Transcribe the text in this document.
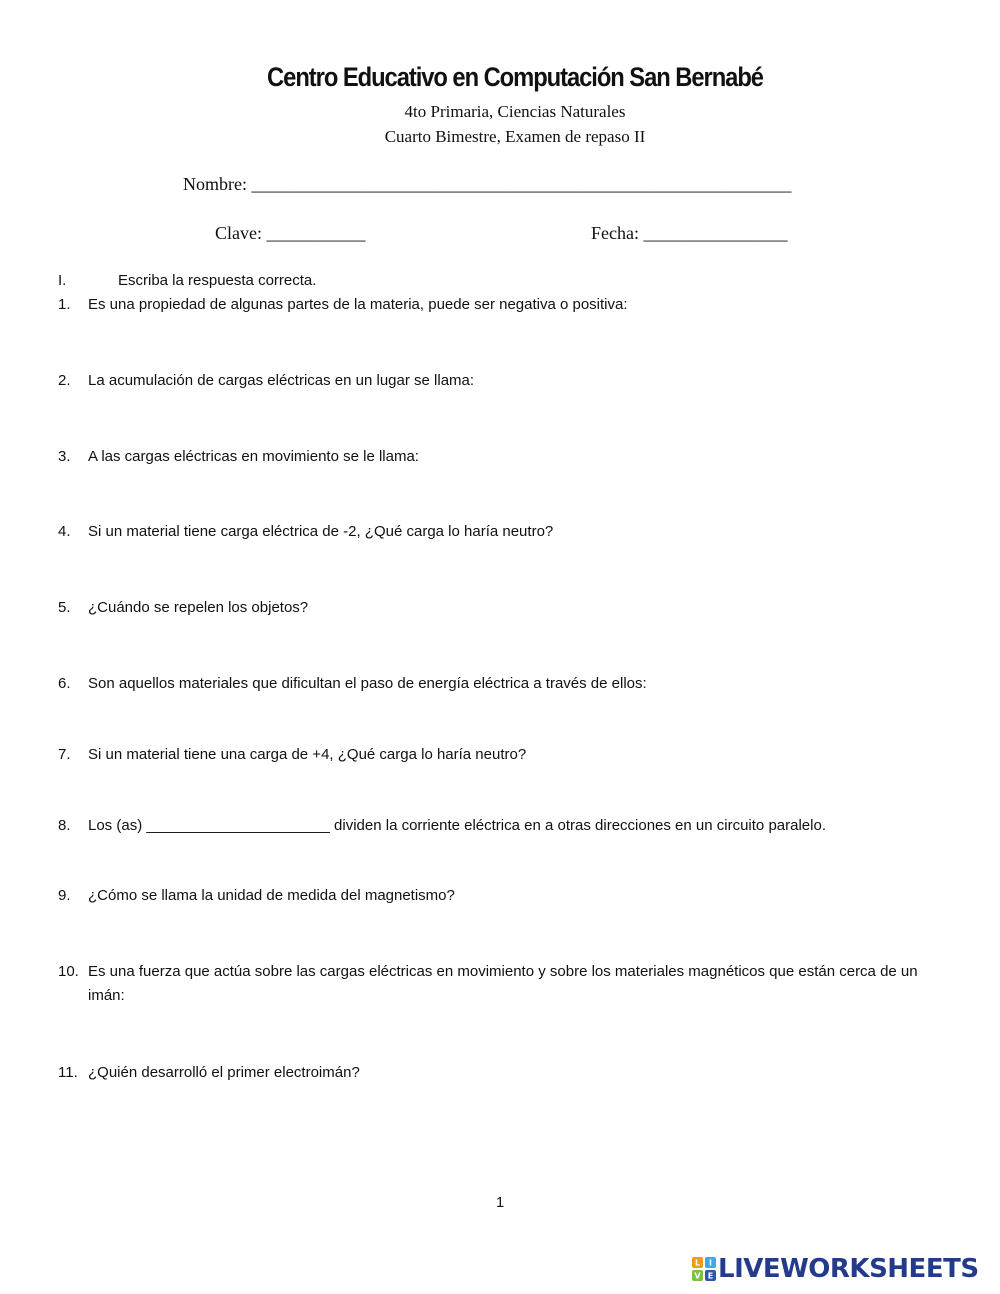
Centro Educativo en Computación San Bernabé
4to Primaria, Ciencias Naturales
Cuarto Bimestre, Examen de repaso II
Nombre: ____________________________________________________________
Clave: ___________	Fecha: ________________
I.	Escriba la respuesta correcta.
1.	Es una propiedad de algunas partes de la materia, puede ser negativa o positiva:
2.	La acumulación de cargas eléctricas en un lugar se llama:
3.	A las cargas eléctricas en movimiento se le llama:
4.	Si un material tiene carga eléctrica de -2, ¿Qué carga lo haría neutro?
5.	¿Cuándo se repelen los objetos?
6.	Son aquellos materiales que dificultan el paso de energía eléctrica a través de ellos:
7.	Si un material tiene una carga de +4, ¿Qué carga lo haría neutro?
8.	Los (as) ______________________ dividen la corriente eléctrica en a otras direcciones en un circuito paralelo.
9.	¿Cómo se llama la unidad de medida del magnetismo?
10. Es una fuerza que actúa sobre las cargas eléctricas en movimiento y sobre los materiales magnéticos que están cerca de un imán:
11. ¿Quién desarrolló el primer electroimán?
1
L I
V E LIVEWORKSHEETS
